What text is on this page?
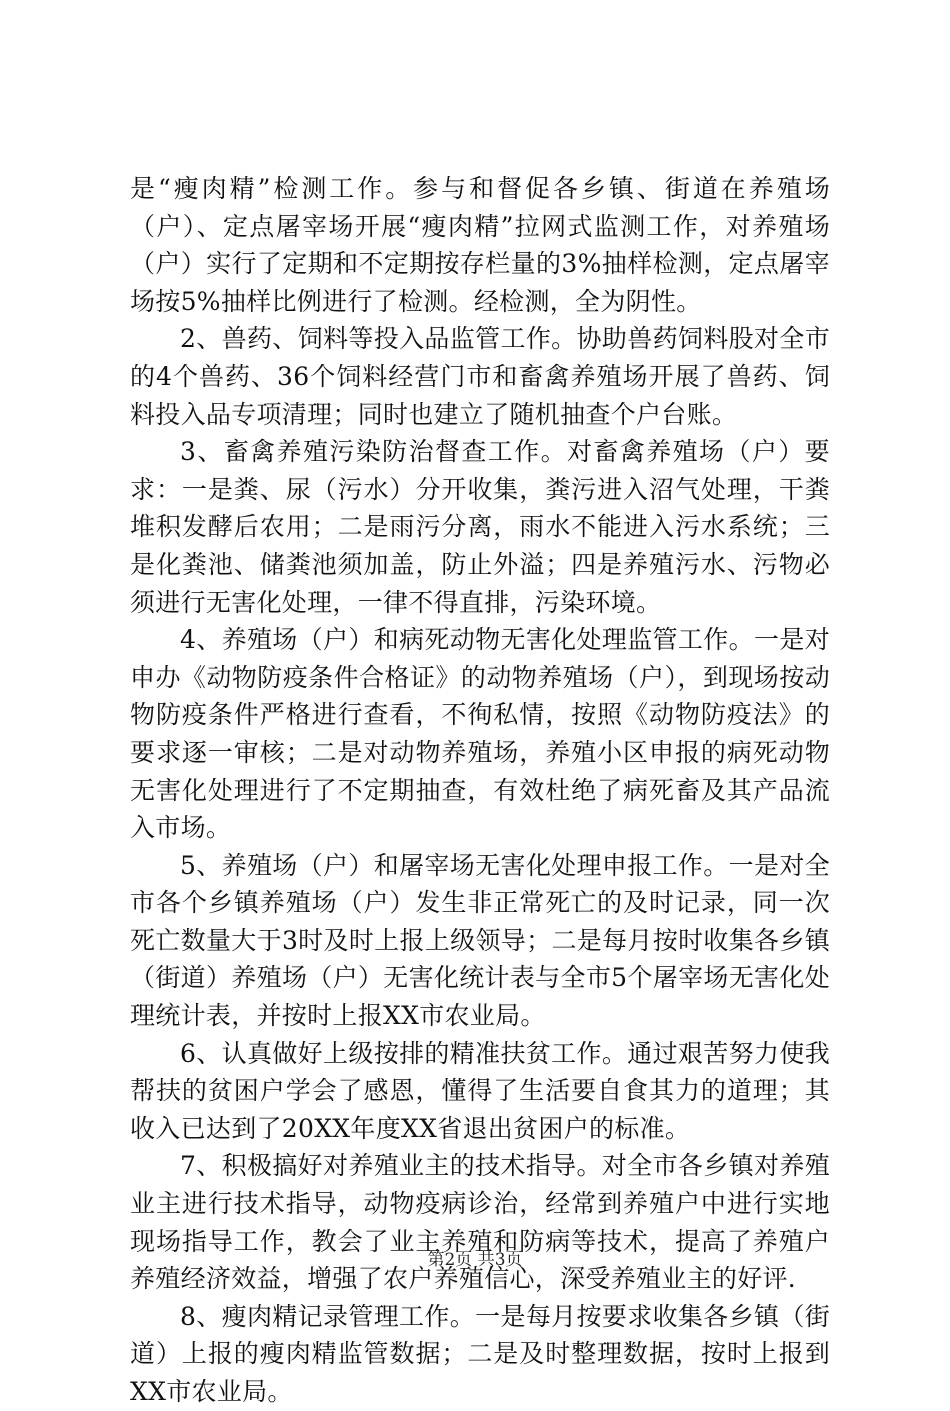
是“瘦肉精”检测工作。参与和督促各乡镇、街道在养殖场（户）、定点屠宰场开展“瘦肉精”拉网式监测工作，对养殖场（户）实行了定期和不定期按存栏量的3%抽样检测，定点屠宰场按5%抽样比例进行了检测。经检测，全为阴性。

2、兽药、饲料等投入品监管工作。协助兽药饲料股对全市的4个兽药、36个饲料经营门市和畜禽养殖场开展了兽药、饲料投入品专项清理；同时也建立了随机抽查个户台账。

3、畜禽养殖污染防治督查工作。对畜禽养殖场（户）要求：一是粪、尿（污水）分开收集，粪污进入沼气处理，干粪堆积发酵后农用；二是雨污分离，雨水不能进入污水系统；三是化粪池、储粪池须加盖，防止外溢；四是养殖污水、污物必须进行无害化处理，一律不得直排，污染环境。

4、养殖场（户）和病死动物无害化处理监管工作。一是对申办《动物防疫条件合格证》的动物养殖场（户），到现场按动物防疫条件严格进行查看，不徇私情，按照《动物防疫法》的要求逐一审核；二是对动物养殖场，养殖小区申报的病死动物无害化处理进行了不定期抽查，有效杜绝了病死畜及其产品流入市场。

5、养殖场（户）和屠宰场无害化处理申报工作。一是对全市各个乡镇养殖场（户）发生非正常死亡的及时记录，同一次死亡数量大于3时及时上报上级领导；二是每月按时收集各乡镇（街道）养殖场（户）无害化统计表与全市5个屠宰场无害化处理统计表，并按时上报XX市农业局。

6、认真做好上级按排的精准扶贫工作。通过艰苦努力使我帮扶的贫困户学会了感恩，懂得了生活要自食其力的道理；其收入已达到了20XX年度XX省退出贫困户的标准。

7、积极搞好对养殖业主的技术指导。对全市各乡镇对养殖业主进行技术指导，动物疫病诊治，经常到养殖户中进行实地现场指导工作，教会了业主养殖和防病等技术，提高了养殖户养殖经济效益，增强了农户养殖信心，深受养殖业主的好评.

8、瘦肉精记录管理工作。一是每月按要求收集各乡镇（街道）上报的瘦肉精监管数据；二是及时整理数据，按时上报到XX市农业局。

第2页 共3页
